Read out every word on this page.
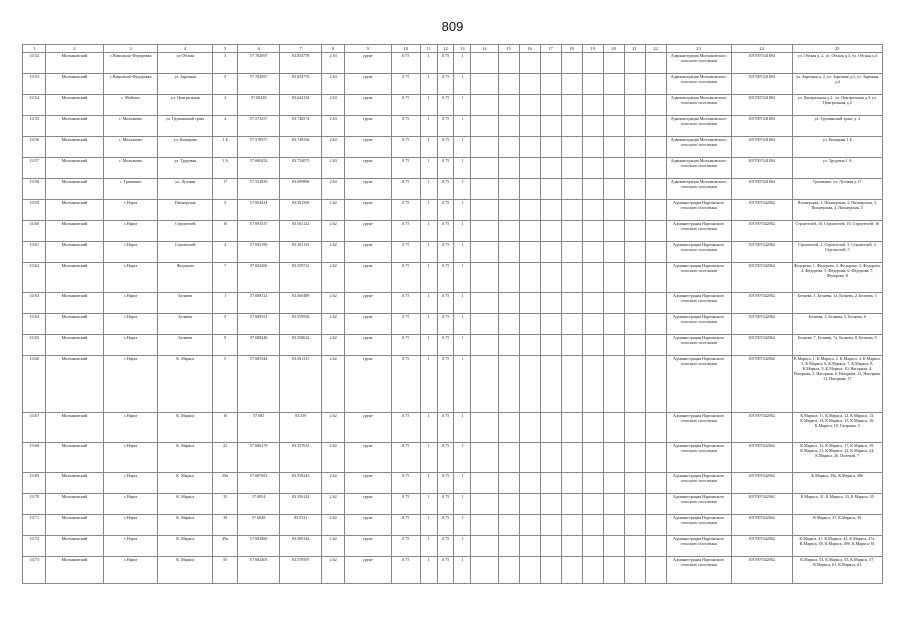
809
1	2	3	4	5	6	7	8	9	10	11	12	13	14	15	16	17	18	19	20	21	22	23	24	25
11152	Молчановский	с.Никольско-Федоровка	ул.Обская	3	57.702097	83.854778	2.63	грунт	0.75	1	0.75	1										Администрация Молчановского сельского поселения	1057007441804	ул. Обская д. 2, ул. Обская д.3, ул. Обская д.4
11153	Молчановский	с.Никольско-Федоровка	ул. Заречная	5	57.702097	83.854776	2.63	грунт	0.75	1	0.75	1										Администрация Молчановского сельского поселения	1057007441804	ул. Заречная д. 2, ул. Заречная д.3, ул. Заречная д.4
11154	Молчановский	с. Майское	ул. Центральная	2	57.68338	83.642154	2.63	грунт	0.75	1	0.75	1										Администрация Молчановского сельского поселения	1057007441804	ул. Центральная д.2 , ул. Центральная д.3, ул. Центральная д.4
11155	Молчановский	с. Молчаново	ул. Грушинский тракт	4	57.573357	83.746574	2.63	грунт	0.75	1	0.75	1										Администрация Молчановского сельского поселения	1057007441804	ул. Грушинский тракт д. 4
11156	Молчановский	с. Молчаново	ул. Комарова	1 Б	57.578557	83.748336	2.63	грунт	0.75	1	0.75	1										Администрация Молчановского сельского поселения	1057007441804	ул. Комарова 1 Б
11157	Молчановский	с. Молчаново	ул. Трудовая	1 А	57.600452	83.754075	2.63	грунт	0.75	1	0.75	1										Администрация Молчановского сельского поселения	1057007441804	ул. Трудовая 1 А
11158	Молчановский	с. Гришкино	ул. Луговая	17	57.552839	83.699896	2.63	грунт	0.75	1	0.75	1										Администрация Молчановского сельского поселения	1057007441804	Гришкино, ул. Луговая д.17
11159	Молчановский	с.Нарга	Пионерская	5	57.694414	83.561506	2.62	грунт	0.75	1	0.75	1										Администрация Наргинского сельского поселения	1057007442062	Пионерская, 1, Пионерская, 2, Пионерская, 3, Пионерская, 4, Пионерская, 5
11160	Молчановский	с.Нарга	Строителей	16	57.693537	83.561122	2.62	грунт	0.75	1	0.75	1										Администрация Наргинского сельского поселения	1057007442062	Строителей, 16, Строителей, 16, Строителей, 16
11161	Молчановский	с.Нарга	Строителей	4	57.692190	83.561133	2.62	грунт	0.75	1	0.75	1										Администрация Наргинского сельского поселения	1057007442062	Строителей, 2, Строителей, 3, Строителей, 4, Строителей, 5
11162	Молчановский	с.Нарга	Федорова	7	57.692206	83.559721	2.62	грунт	0.75	1	0.75	1										Администрация Наргинского сельского поселения	1057007442062	Федорова, 1, Федорова, 2, Федорова, 3, Федорова, 4, Федорова, 5, Федорова, 6, Федорова, 7, Федорова, 8
11163	Молчановский	с.Нарга	Беляева	1	57.688112	83.560489	2.62	грунт	0.75	1	0.75	1										Администрация Наргинского сельского поселения	1057007442062	Беляева, 1, Беляева, 1а, Беляева, 2, Беляева, 3
11164	Молчановский	с.Нарга	Беляева	5	57.689351	83.559936	2.62	грунт	0.75	1	0.75	1										Администрация Наргинского сельского поселения	1057007442062	Беляева, 3, Беляева, 5, Беляева, 6
11165	Молчановский	с.Нарга	Беляева	9	57.688448	83.558632	2.62	грунт	0.75	1	0.75	1										Администрация Наргинского сельского поселения	1057007442062	Беляева, 7, Беляева, 7а, Беляева, 8, Беляева, 9
11166	Молчановский	с.Нарга	К. Маркса	5	57.685344	83.561315	2.62	грунт	0.75	1	0.75	1										Администрация Наргинского сельского поселения	1057007442062	К.Маркса, 1, К.Маркса, 2, К.Маркса, 4, К.Маркса, 5, К.Маркса, 6, К.Маркса, 7, К.Маркса, 8, К.Маркса, 9, К.Маркса, 10, Нагорная, 4, Нагорная, 5, Нагорная, 6, Нагорная, 12, Нагорная, 13, Нагорная, 17
11167	Молчановский	с.Нарга	К. Маркса	16	57.685	83.559	2.62	грунт	0.75	1	0.75	1										Администрация Наргинского сельского поселения	1057007442062	К.Маркса, 11, К.Маркса, 12, К.Маркса, 13, К.Маркса, 14, К.Маркса, 15, К.Маркса, 16, К.Маркса, 18, Гагарина, 5
11168	Молчановский	с.Нарга	К. Маркса	22	57.686179	83.557633	2.62	грунт	0.75	1	0.75	1										Администрация Наргинского сельского поселения	1057007442062	К.Маркса, 13, К.Маркса, 17, К.Маркса, 19, К.Маркса, 21, К.Маркса, 23, К.Маркса, 24, К.Маркса, 26, Полевой, 7
11169	Молчановский	с.Нарга	К. Маркса	28а	57.687681	83.558243	2.62	грунт	0.75	1	0.75	1										Администрация Наргинского сельского поселения	1057007442062	К.Маркса, 28а, К.Маркса, 28в
11170	Молчановский	с.Нарга	К. Маркса	35	57.6854	83.556142	2.62	грунт	0.75	1	0.75	1										Администрация Наргинского сельского поселения	1057007442062	К.Маркса, 31, К.Маркса, 33, К.Маркса, 35
11171	Молчановский	с.Нарга	К. Маркса	39	57.6848	83.5521	2.62	грунт	0.75	1	0.75	1										Администрация Наргинского сельского поселения	1057007442062	К.Маркса, 37, К.Маркса, 39
11172	Молчановский	с.Нарга	К. Маркса	49а	57.682860	83.569144	2.62	грунт	0.75	1	0.75	1										Администрация Наргинского сельского поселения	1057007442062	К.Маркса, 41, К.Маркса, 43, К.Маркса, 47а, К.Маркса, 49, К.Маркса, 49б, К.Маркса, 51
11173	Молчановский	с.Нарга	К. Маркса	55	57.682403	83.570597	2.62	грунт	0.75	1	0.75	1										Администрация Наргинского сельского поселения	1057007442062	К.Маркса, 53, К.Маркса, 55, К.Маркса, 57, К.Маркса, 61, К.Маркса, 63
